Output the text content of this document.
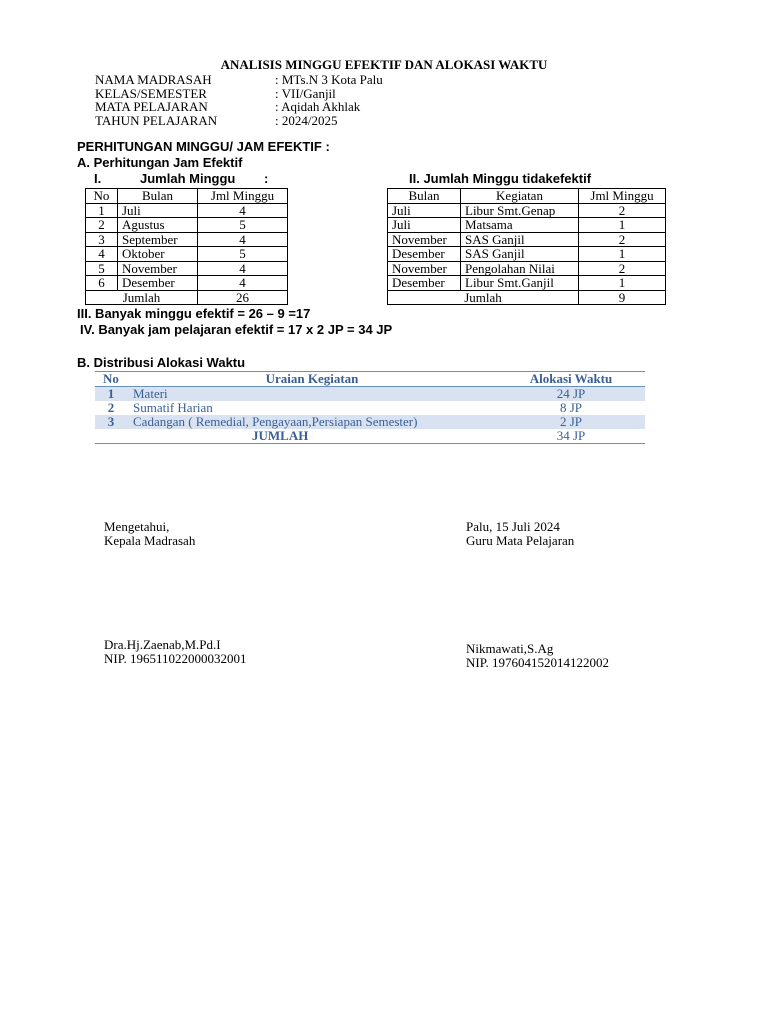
ANALISIS MINGGU EFEKTIF DAN ALOKASI WAKTU
NAMA MADRASAH	: MTs.N 3 Kota Palu
KELAS/SEMESTER	: VII/Ganjil
MATA PELAJARAN	: Aqidah Akhlak
TAHUN PELAJARAN	: 2024/2025
PERHITUNGAN MINGGU/ JAM EFEKTIF :
A. Perhitungan Jam Efektif
I.	Jumlah Minggu :	II. Jumlah Minggu tidakefektif
No	Bulan	Jml Minggu
1	Juli	4
2	Agustus	5
3	September	4
4	Oktober	5
5	November	4
6	Desember	4
Jumlah		26
Bulan	Kegiatan	Jml Minggu
Juli	Libur Smt.Genap	2
Juli	Matsama	1
November	SAS Ganjil	2
Desember	SAS Ganjil	1
November	Pengolahan Nilai	2
Desember	Libur Smt.Ganjil	1
Jumlah		9
III. Banyak minggu efektif = 26 – 9 =17
IV. Banyak jam pelajaran efektif = 17 x 2 JP = 34 JP
B. Distribusi Alokasi Waktu
No	Uraian Kegiatan	Alokasi Waktu
1	Materi	24 JP
2	Sumatif Harian	8 JP
3	Cadangan ( Remedial, Pengayaan,Persiapan Semester)	2 JP
	JUMLAH	34 JP
Mengetahui,
Kepala Madrasah
Dra.Hj.Zaenab,M.Pd.I
NIP. 196511022000032001
Palu, 15 Juli 2024
Guru Mata Pelajaran
Nikmawati,S.Ag
NIP. 197604152014122002
